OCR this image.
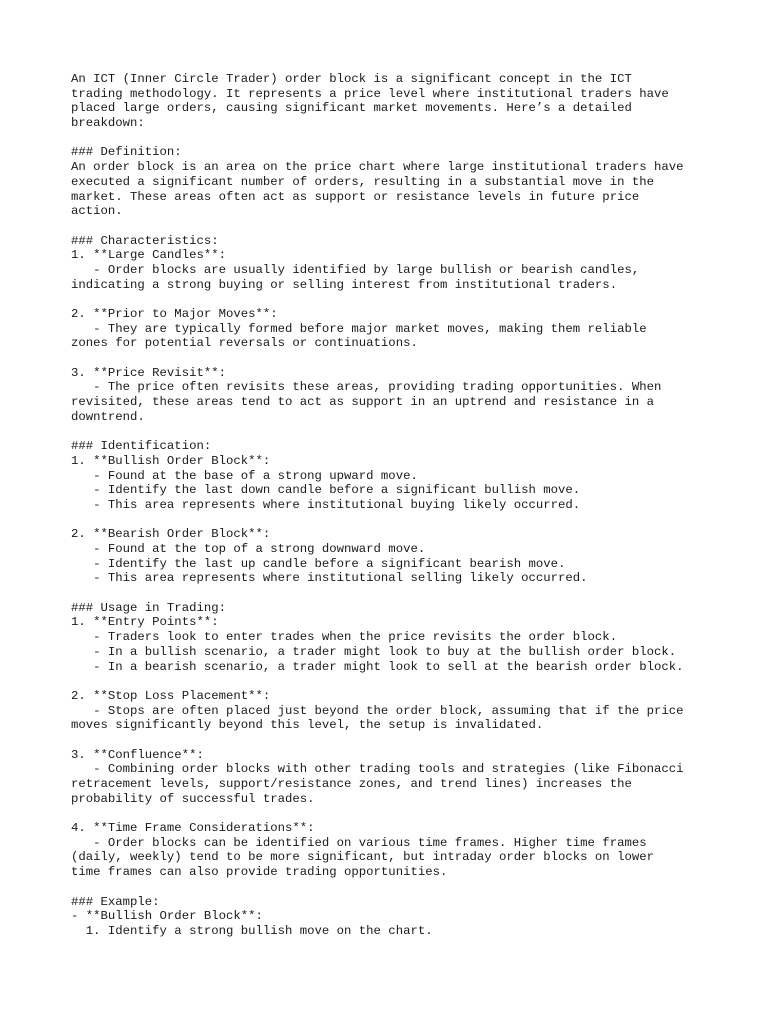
An ICT (Inner Circle Trader) order block is a significant concept in the ICT
trading methodology. It represents a price level where institutional traders have
placed large orders, causing significant market movements. Here’s a detailed
breakdown:
### Definition:
An order block is an area on the price chart where large institutional traders have
executed a significant number of orders, resulting in a substantial move in the
market. These areas often act as support or resistance levels in future price
action.
### Characteristics:
1. **Large Candles**:
- Order blocks are usually identified by large bullish or bearish candles,
indicating a strong buying or selling interest from institutional traders.
2. **Prior to Major Moves**:
- They are typically formed before major market moves, making them reliable
zones for potential reversals or continuations.
3. **Price Revisit**:
- The price often revisits these areas, providing trading opportunities. When
revisited, these areas tend to act as support in an uptrend and resistance in a
downtrend.
### Identification:
1. **Bullish Order Block**:
- Found at the base of a strong upward move.
- Identify the last down candle before a significant bullish move.
- This area represents where institutional buying likely occurred.
2. **Bearish Order Block**:
- Found at the top of a strong downward move.
- Identify the last up candle before a significant bearish move.
- This area represents where institutional selling likely occurred.
### Usage in Trading:
1. **Entry Points**:
- Traders look to enter trades when the price revisits the order block.
- In a bullish scenario, a trader might look to buy at the bullish order block.
- In a bearish scenario, a trader might look to sell at the bearish order block.
2. **Stop Loss Placement**:
- Stops are often placed just beyond the order block, assuming that if the price
moves significantly beyond this level, the setup is invalidated.
3. **Confluence**:
- Combining order blocks with other trading tools and strategies (like Fibonacci
retracement levels, support/resistance zones, and trend lines) increases the
probability of successful trades.
4. **Time Frame Considerations**:
- Order blocks can be identified on various time frames. Higher time frames
(daily, weekly) tend to be more significant, but intraday order blocks on lower
time frames can also provide trading opportunities.
### Example:
- **Bullish Order Block**:
1. Identify a strong bullish move on the chart.
